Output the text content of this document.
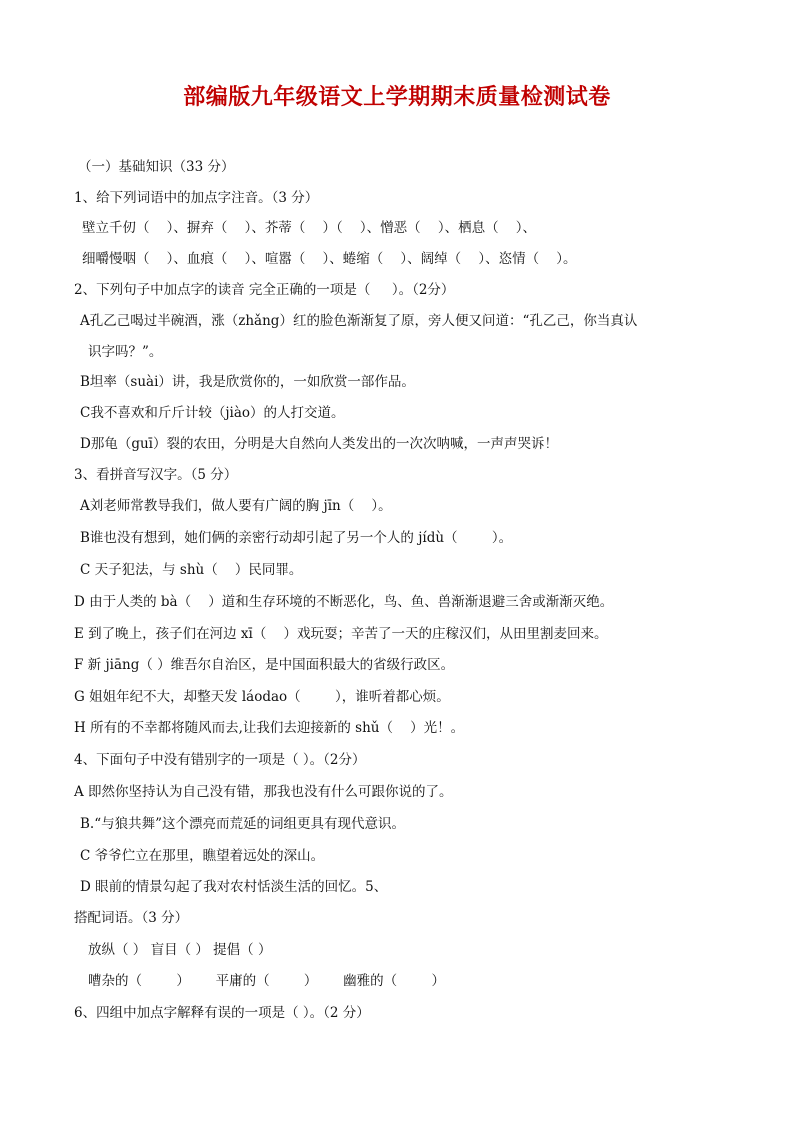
部编版九年级语文上学期期末质量检测试卷
（一）基础知识（33 分）
1、给下列词语中的加点字注音。（3 分）
壁立千仞（    ）、摒弃（    ）、芥蒂（    ）（    ）、憎恶（    ）、栖息（    ）、
细嚼慢咽（    ）、血痕（    ）、喧嚣（    ）、蜷缩（    ）、阔绰（    ）、恣情（    ）。
2、下列句子中加点字的读音 完全正确的一项是（     ）。（2分）
A孔乙己喝过半碗酒，涨（zhǎng）红的脸色渐渐复了原，旁人便又问道：“孔乙己，你当真认
识字吗？”。
B坦率（suài）讲，我是欣赏你的，一如欣赏一部作品。
C我不喜欢和斤斤计较（jiào）的人打交道。
D那龟（guī）裂的农田，分明是大自然向人类发出的一次次呐喊，一声声哭诉！
3、看拼音写汉字。（5 分）
A刘老师常教导我们，做人要有广阔的胸 jīn（    ）。
B谁也没有想到，她们俩的亲密行动却引起了另一个人的 jídù（        ）。
C 天子犯法，与 shù（    ）民同罪。
D 由于人类的 bà（    ）道和生存环境的不断恶化，鸟、鱼、兽渐渐退避三舍或渐渐灭绝。
E 到了晚上，孩子们在河边 xī（    ）戏玩耍；辛苦了一天的庄稼汉们，从田里割麦回来。
F 新 jiāng（ ）维吾尔自治区，是中国面积最大的省级行政区。
G 姐姐年纪不大，却整天发 láodao（        ），谁听着都心烦。
H 所有的不幸都将随风而去,让我们去迎接新的 shǔ（    ）光！。
4、下面句子中没有错别字的一项是（ ）。（2分）
A 即然你坚持认为自己没有错，那我也没有什么可跟你说的了。
B.“与狼共舞”这个漂亮而荒延的词组更具有现代意识。
C 爷爷伫立在那里，瞧望着远处的深山。
D 眼前的情景勾起了我对农村恬淡生活的回忆。5、
搭配词语。（3 分）
放纵（ ） 盲目（ ） 提倡（ ）
嘈杂的（        ）      平庸的（        ）      幽雅的（        ）
6、四组中加点字解释有误的一项是（ ）。（2 分）
